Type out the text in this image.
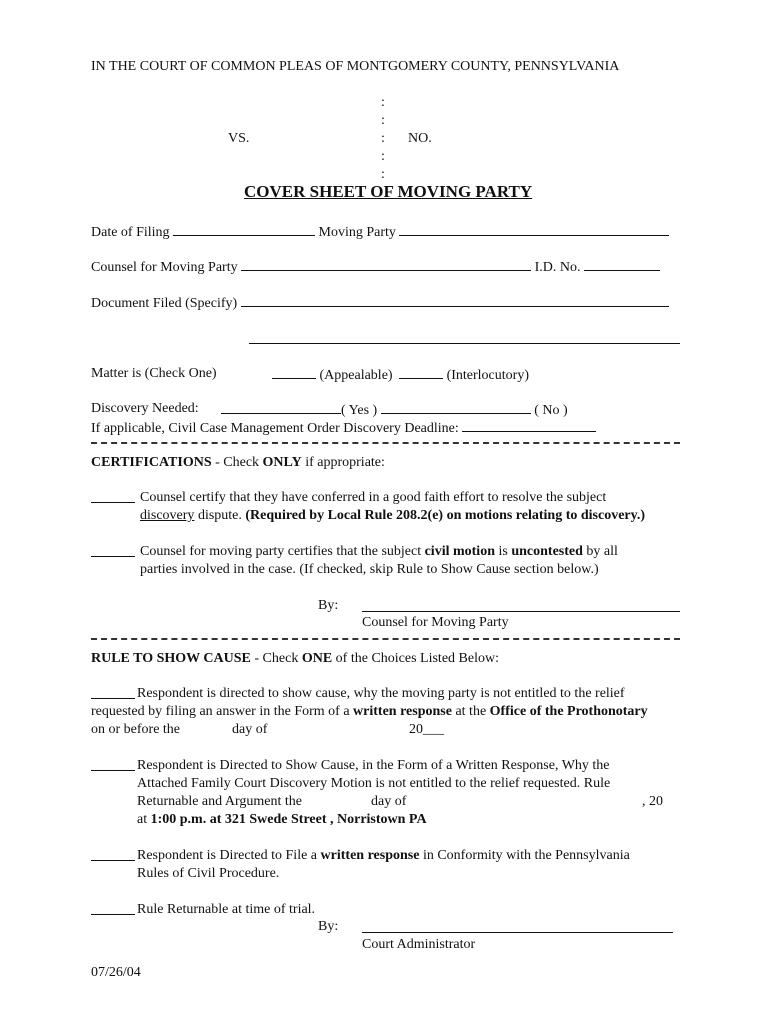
IN THE COURT OF COMMON PLEAS OF MONTGOMERY COUNTY, PENNSYLVANIA
:
:
VS.	: NO.
:
:
COVER SHEET OF MOVING PARTY
Date of Filing	Moving Party
Counsel for Moving Party	I.D. No.
Document Filed (Specify)
Matter is (Check One)	(Appealable)	(Interlocutory)
Discovery Needed:	( Yes )	( No )
If applicable, Civil Case Management Order Discovery Deadline:
CERTIFICATIONS - Check ONLY if appropriate:
Counsel certify that they have conferred in a good faith effort to resolve the subject
discovery dispute. (Required by Local Rule 208.2(e) on motions relating to discovery.)
Counsel for moving party certifies that the subject civil motion is uncontested by all
parties involved in the case. (If checked, skip Rule to Show Cause section below.)
By:
Counsel for Moving Party
RULE TO SHOW CAUSE - Check ONE of the Choices Listed Below:
Respondent is directed to show cause, why the moving party is not entitled to the relief
requested by filing an answer in the Form of a written response at the Office of the Prothonotary
on or before the	day of	20___
Respondent is Directed to Show Cause, in the Form of a Written Response, Why the
Attached Family Court Discovery Motion is not entitled to the relief requested. Rule
Returnable and Argument the	day of	, 20
at 1:00 p.m. at 321 Swede Street , Norristown PA
Respondent is Directed to File a written response in Conformity with the Pennsylvania
Rules of Civil Procedure.
Rule Returnable at time of trial.
By:
Court Administrator
07/26/04
